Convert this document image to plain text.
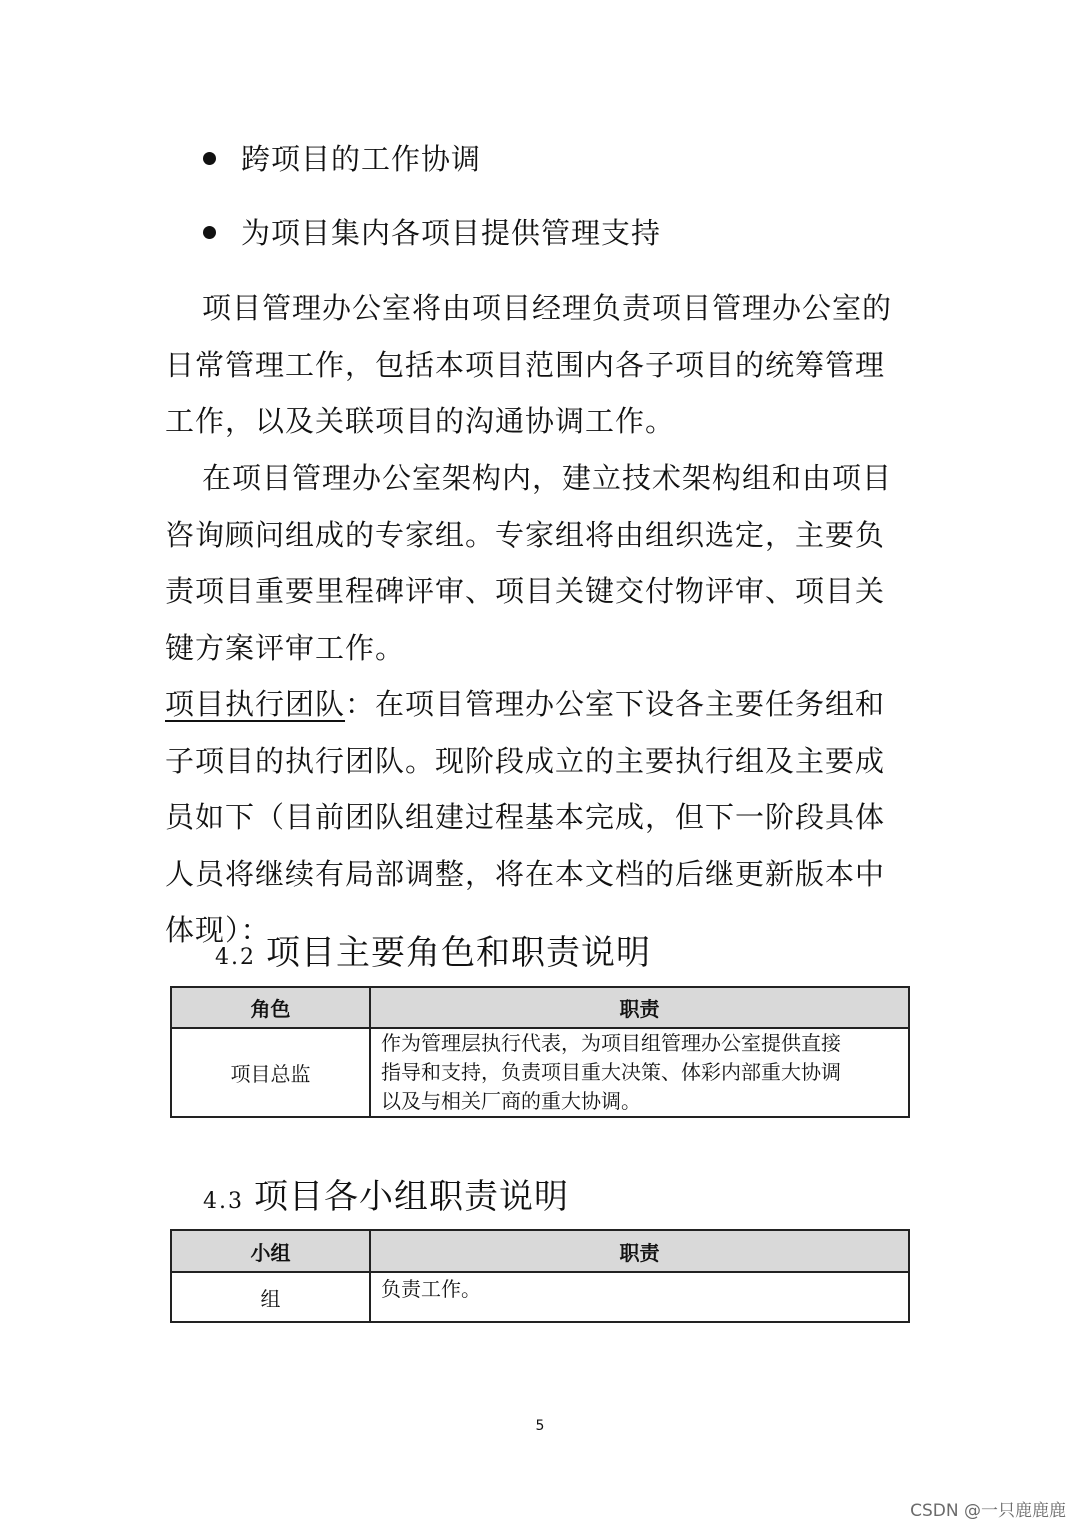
跨项目的工作协调
为项目集内各项目提供管理支持

项目管理办公室将由项目经理负责项目管理办公室的日常管理工作，包括本项目范围内各子项目的统筹管理工作，以及关联项目的沟通协调工作。

在项目管理办公室架构内，建立技术架构组和由项目咨询顾问组成的专家组。专家组将由组织选定，主要负责项目重要里程碑评审、项目关键交付物评审、项目关键方案评审工作。

项目执行团队：在项目管理办公室下设各主要任务组和子项目的执行团队。现阶段成立的主要执行组及主要成员如下（目前团队组建过程基本完成，但下一阶段具体人员将继续有局部调整，将在本文档的后继更新版本中体现）：

4.2 项目主要角色和职责说明
角色	职责
项目总监	作为管理层执行代表，为项目组管理办公室提供直接
指导和支持，负责项目重大决策、体彩内部重大协调
以及与相关厂商的重大协调。
4.3 项目各小组职责说明
小组	职责
组	负责工作。
5
CSDN @一只鹿鹿鹿
